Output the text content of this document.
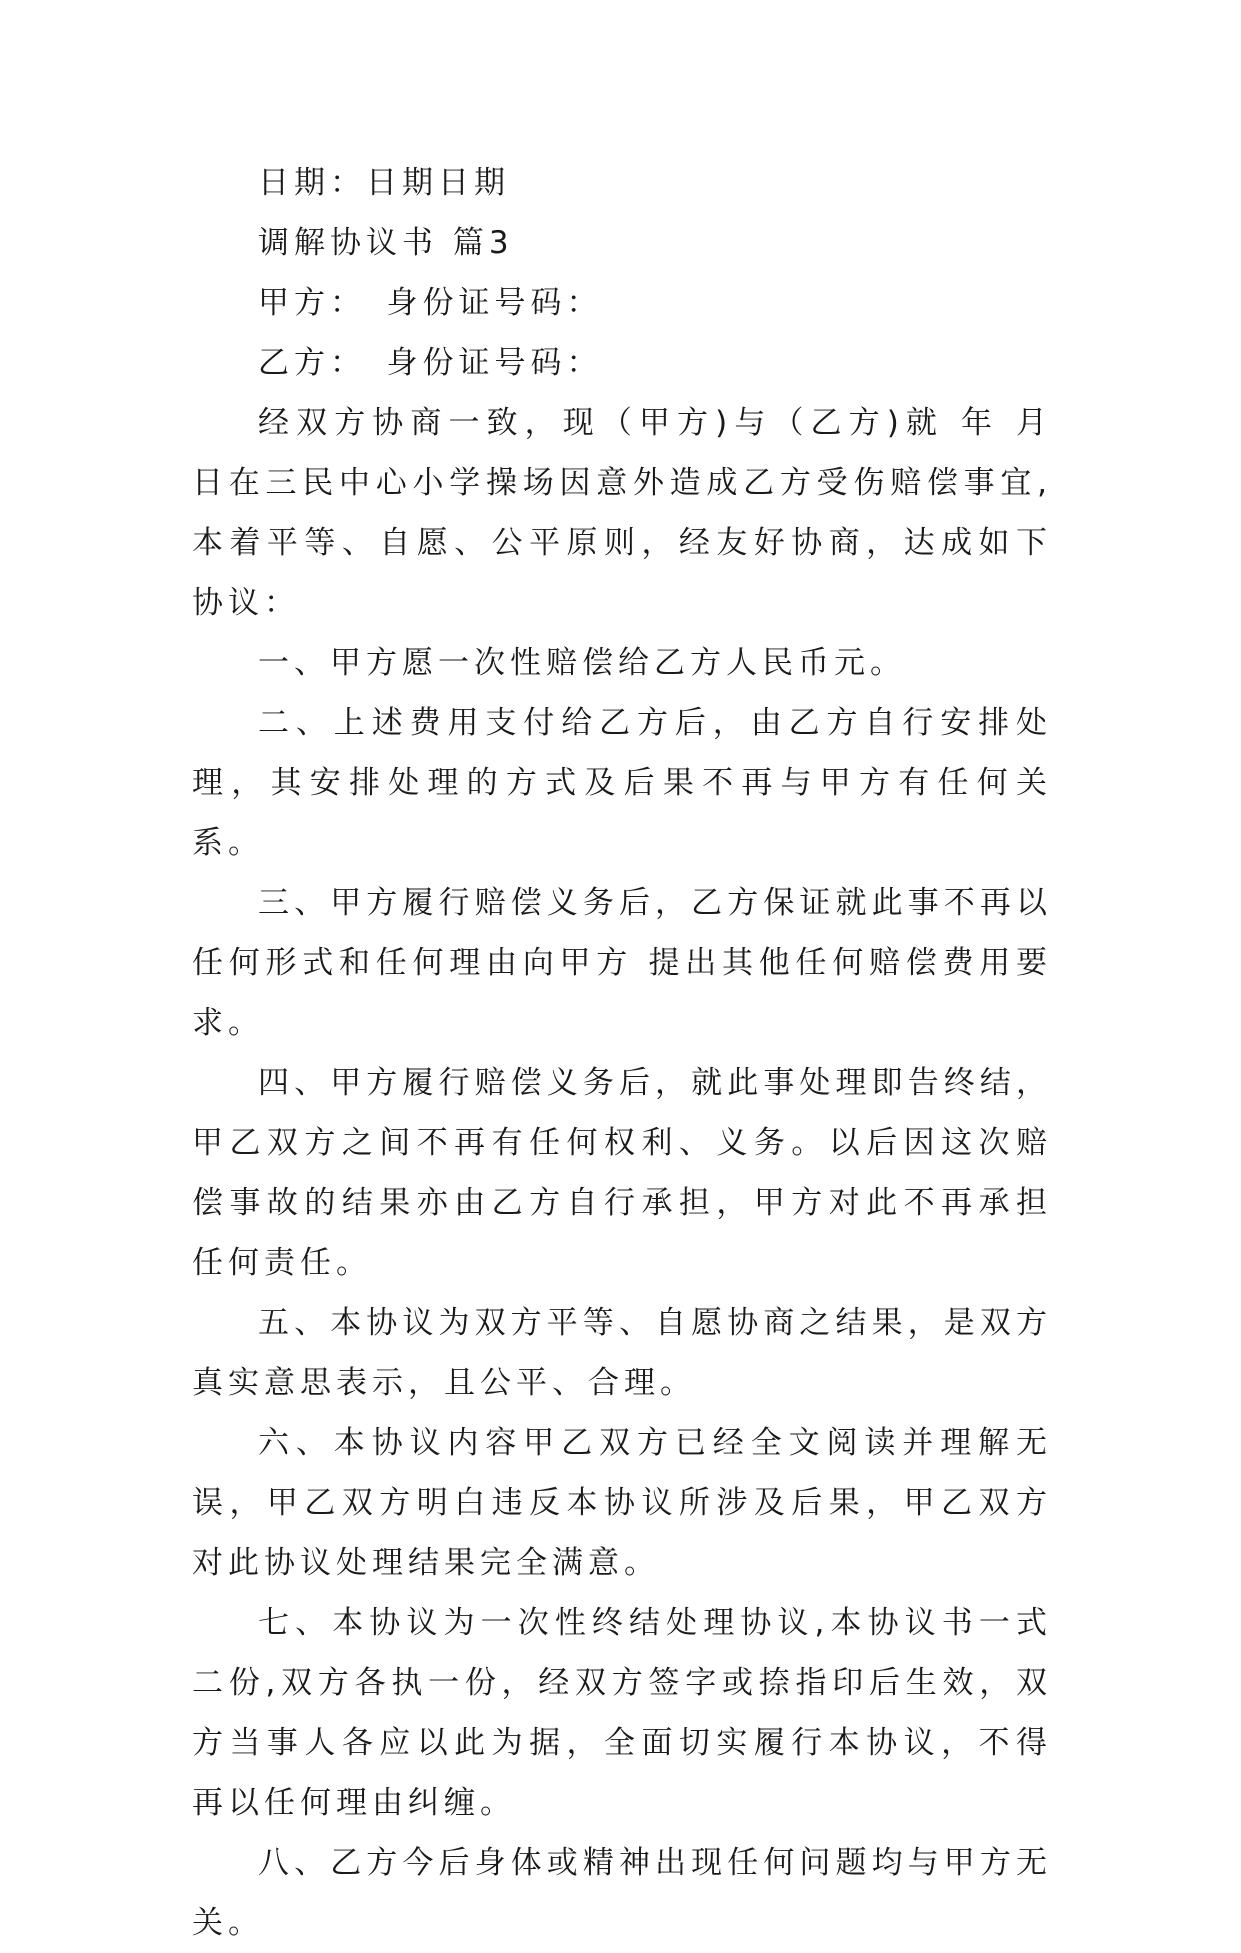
日期：日期日期

调解协议书 篇3

甲方：　身份证号码：

乙方：　身份证号码：

经双方协商一致，现（甲方)与（乙方)就 年 月 日在三民中心小学操场因意外造成乙方受伤赔偿事宜,本着平等、自愿、公平原则，经友好协商，达成如下协议：

一、甲方愿一次性赔偿给乙方人民币元。

二、上述费用支付给乙方后，由乙方自行安排处理，其安排处理的方式及后果不再与甲方有任何关系。

三、甲方履行赔偿义务后，乙方保证就此事不再以任何形式和任何理由向甲方 提出其他任何赔偿费用要求。

四、甲方履行赔偿义务后，就此事处理即告终结，甲乙双方之间不再有任何权利、义务。以后因这次赔偿事故的结果亦由乙方自行承担，甲方对此不再承担任何责任。

五、本协议为双方平等、自愿协商之结果，是双方真实意思表示，且公平、合理。

六、本协议内容甲乙双方已经全文阅读并理解无误，甲乙双方明白违反本协议所涉及后果，甲乙双方对此协议处理结果完全满意。

七、本协议为一次性终结处理协议,本协议书一式二份,双方各执一份，经双方签字或捺指印后生效，双方当事人各应以此为据，全面切实履行本协议，不得再以任何理由纠缠。

八、乙方今后身体或精神出现任何问题均与甲方无关。
